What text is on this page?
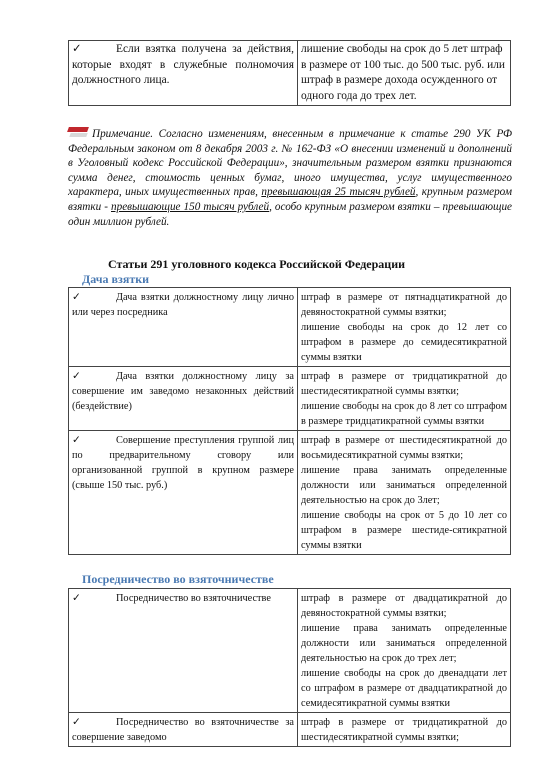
✓	Если взятка получена за действия, которые входят в служебные полномочия должностного лица.	лишение свободы на срок до 5 лет штраф в размере от 100 тыс. до 500 тыс. руб. или штраф в размере дохода осужденного от одного года до трех лет.
Примечание. Согласно изменениям, внесенным в примечание к статье 290 УК РФ Федеральным законом от 8 декабря 2003 г. № 162-ФЗ «О внесении изменений и дополнений в Уголовный кодекс Российской Федерации», значительным размером взятки признаются сумма денег, стоимость ценных бумаг, иного имущества, услуг имущественного характера, иных имущественных прав, превышающая 25 тысяч рублей, крупным размером взятки - превышающие 150 тысяч рублей, особо крупным размером взятки – превышающие один миллион рублей.
Статьи 291 уголовного кодекса Российской Федерации
Дача взятки
✓ Дача взятки должностному лицу лично или через посредника	штраф в размере от пятнадцатикратной до девяностократной суммы взятки;
лишение свободы на срок до 12 лет со штрафом в размере до семидесятикратной суммы взятки

✓ Дача взятки должностному лицу за совершение им заведомо незаконных действий (бездействие)	штраф в размере от тридцатикратной до шестидесятикратной суммы взятки;
лишение свободы на срок до 8 лет со штрафом в размере тридцатикратной суммы взятки

✓ Совершение преступления группой лиц по предварительному сговору или организованной группой в крупном размере (свыше 150 тыс. руб.)	штраф в размере от шестидесятикратной до восьмидесятикратной суммы взятки;
лишение права занимать определенные должности или заниматься определенной деятельностью на срок до 3лет;
лишение свободы на срок от 5 до 10 лет со штрафом в размере шестиде-сятикратной суммы взятки
Посредничество во взяточничестве
✓ Посредничество во взяточничестве	штраф в размере от двадцатикратной до девяностократной суммы взятки;
лишение права занимать определенные должности или заниматься определенной деятельностью на срок до трех лет;
лишение свободы на срок до двенадцати лет со штрафом в размере от двадцатикратной до семидесятикратной суммы взятки

✓ Посредничество во взяточничестве за совершение заведомо	штраф в размере от тридцатикратной до шестидесятикратной суммы взятки;
